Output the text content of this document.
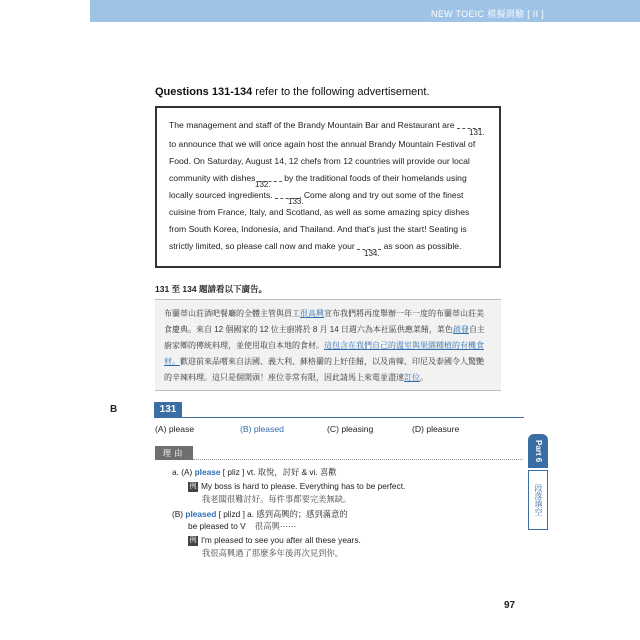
NEW TOEIC 模擬測驗 [ II ]
Questions 131-134 refer to the following advertisement.
The management and staff of the Brandy Mountain Bar and Restaurant are
131.
to announce that we will once again host the annual Brandy Mountain Festival of
Food. On Saturday, August 14, 12 chefs from 12 countries will provide our local
community with dishes	by the traditional foods of their homelands using
132.
locally sourced ingredients.	. Come along and try out some of the finest
133.
cuisine from France, Italy, and Scotland, as well as some amazing spicy dishes
from South Korea, Indonesia, and Thailand. And that's just the start! Seating is
strictly limited, so please call now and make your	as soon as possible.
134.
131 至 134 題請看以下廣告。
布蘭蒂山莊酒吧餐廳的全體主管與員工很高興宣布我們將再度舉辦一年一度的布蘭蒂山莊美
食慶典。來自 12 個國家的 12 位主廚將於 8 月 14 日週六為本社區供應菜餚，菜色啟發自主
廚家鄉的傳統料理，並使用取自本地的食材。這包含在我們自己的溫室與果園種植的有機食
材。歡迎前來品嚐來自法國、義大利、蘇格蘭的上好佳餚，以及南韓、印尼及泰國令人驚艷
的辛辣料理。這只是個開頭！座位非常有限，因此請馬上來電並盡速訂位。
B	131
(A) please	(B) pleased	(C) pleasing	(D) pleasure
理由
a. (A) please [ pliz ] vt. 取悅，討好 & vi. 喜歡
例 My boss is hard to please. Everything has to be perfect.
我老闆很難討好。每件事都要完美無缺。
(B) pleased [ plizd ] a. 感到高興的；感到滿意的
be pleased to V 很高興⋯⋯
例 I'm pleased to see you after all these years.
我很高興過了那麼多年後再次見到你。
Part 6
段落填空
97
